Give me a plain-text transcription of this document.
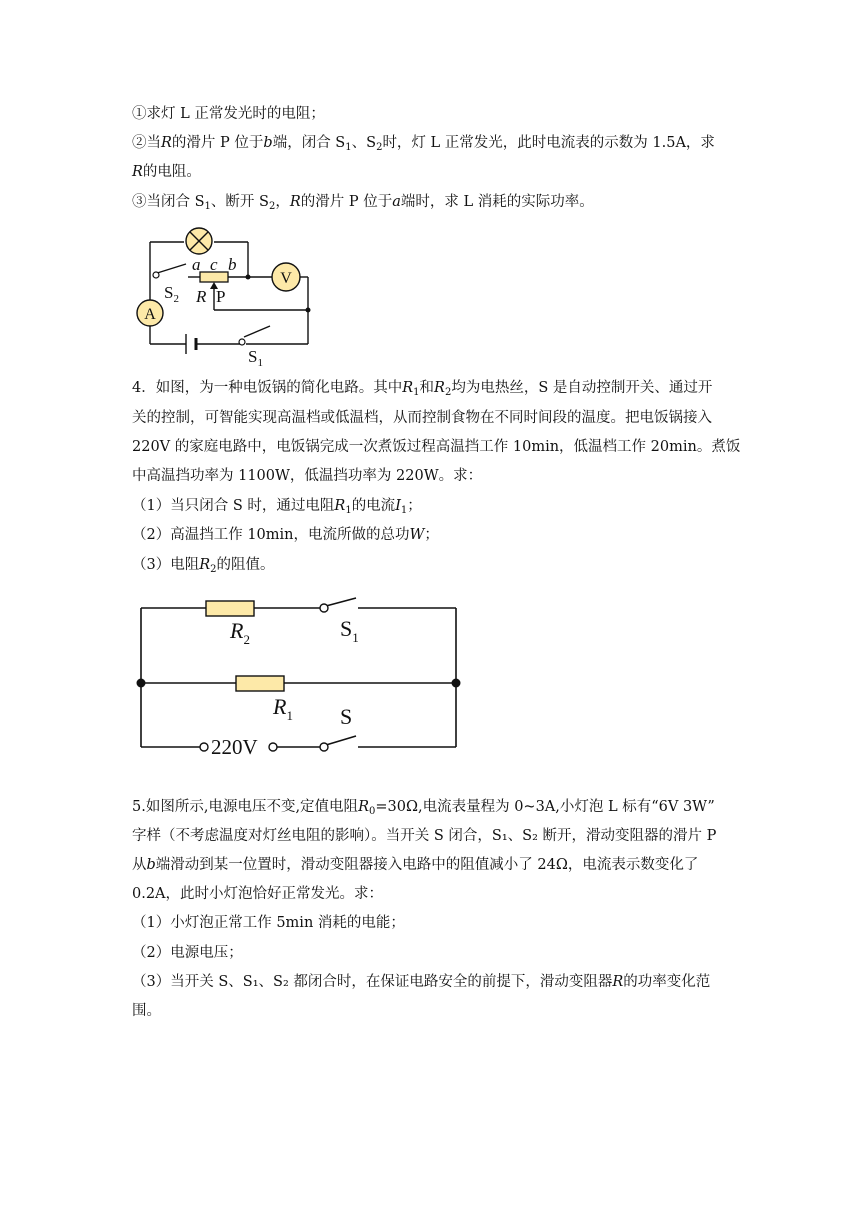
①求灯 L 正常发光时的电阻；
②当R的滑片 P 位于b端，闭合 $S_1$、$S_2$时，灯 L 正常发光，此时电流表的示数为 1.5A，求
R的电阻。
③当闭合 $S_1$、断开 $S_2$，R的滑片 P 位于a端时，求 L 消耗的实际功率。
V
A
a c b
$S_2$ R P
$S_1$
4．如图，为一种电饭锅的简化电路。其中$R_1$和$R_2$均为电热丝，S 是自动控制开关、通过开
关的控制，可智能实现高温档或低温档，从而控制食物在不同时间段的温度。把电饭锅接入
220V 的家庭电路中，电饭锅完成一次煮饭过程高温挡工作 10min，低温档工作 20min。煮饭
中高温挡功率为 1100W，低温挡功率为 220W。求：
（1）当只闭合 S 时，通过电阻$R_1$的电流$I_1$；
（2）高温挡工作 10min，电流所做的总功W；
（3）电阻$R_2$的阻值。
$R_2$	$S_1$
$R_1$ S
220V
5.如图所示,电源电压不变,定值电阻$R_0=30\Omega$,电流表量程为 0~3A,小灯泡 L 标有“6V 3W”
字样（不考虑温度对灯丝电阻的影响）。当开关 S 闭合，S₁、S₂ 断开，滑动变阻器的滑片 P
从b端滑动到某一位置时，滑动变阻器接入电路中的阻值减小了 24Ω，电流表示数变化了
0.2A，此时小灯泡恰好正常发光。求：
（1）小灯泡正常工作 5min 消耗的电能；
（2）电源电压；
（3）当开关 S、S₁、S₂ 都闭合时，在保证电路安全的前提下，滑动变阻器R的功率变化范
围。
